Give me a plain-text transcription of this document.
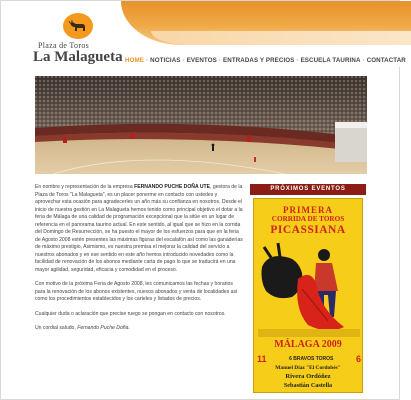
Plaza de Toros
La Malagueta HOME · NOTICIAS · EVENTOS · ENTRADAS Y PRECIOS · ESCUELA TAURINA · CONTACTAR

En nombre y representación de la empresa FERNANDO PUCHE DOÑA UTE, gestora de la Plaza de Toros "La Malagueta", es un placer ponerme en contacto con ustedes y aprovechar esta ocasión para agradecerles un año más su confianza en nosotros. Desde el inicio de nuestra gestión en La Malagueta hemos tenido como principal objetivo el dotar a la feria de Málaga de una calidad de programación excepcional que la sitúe en un lugar de referencia en el panorama taurino actual. En este sentido, al igual que se hizo en la corrida del Domingo de Resurrección, se ha puesto el mayor de los esfuerzos para que en la feria de Agosto 2008 estén presentes las máximas figuras del escalafón así como las ganaderías de máximo prestigio, Asimismo, es nuestra premisa el mejorar la calidad del servicio a nuestros abonados y en ese sentido en este año hemos introducido novedades como la facilidad de renovación de los abonos mediante carta de pago lo que se traducirá en una mayor agilidad, seguridad, eficacia y comodidad en el proceso.

Con motivo de la próxima Feria de Agosto 2008, les comunicamos las fechas y horarios para la renovación de los abonos existentes, nuevos abonados y venta de localidades así como los procedimientos establecidos y los carteles y listados de precios.

Cualquier duda o aclaración que precise ruego se pongan en contacto con nosotros.

Un cordial saludo, Fernando Puche Doña.

PRÓXIMOS EVENTOS
PRIMERA
CORRIDA DE TOROS
PICASSIANA
MÁLAGA 2009
11	6 BRAVOS TOROS	6
Manuel Díaz "El Cordobés"
Rivera Ordóñez
Sebastián Castella
